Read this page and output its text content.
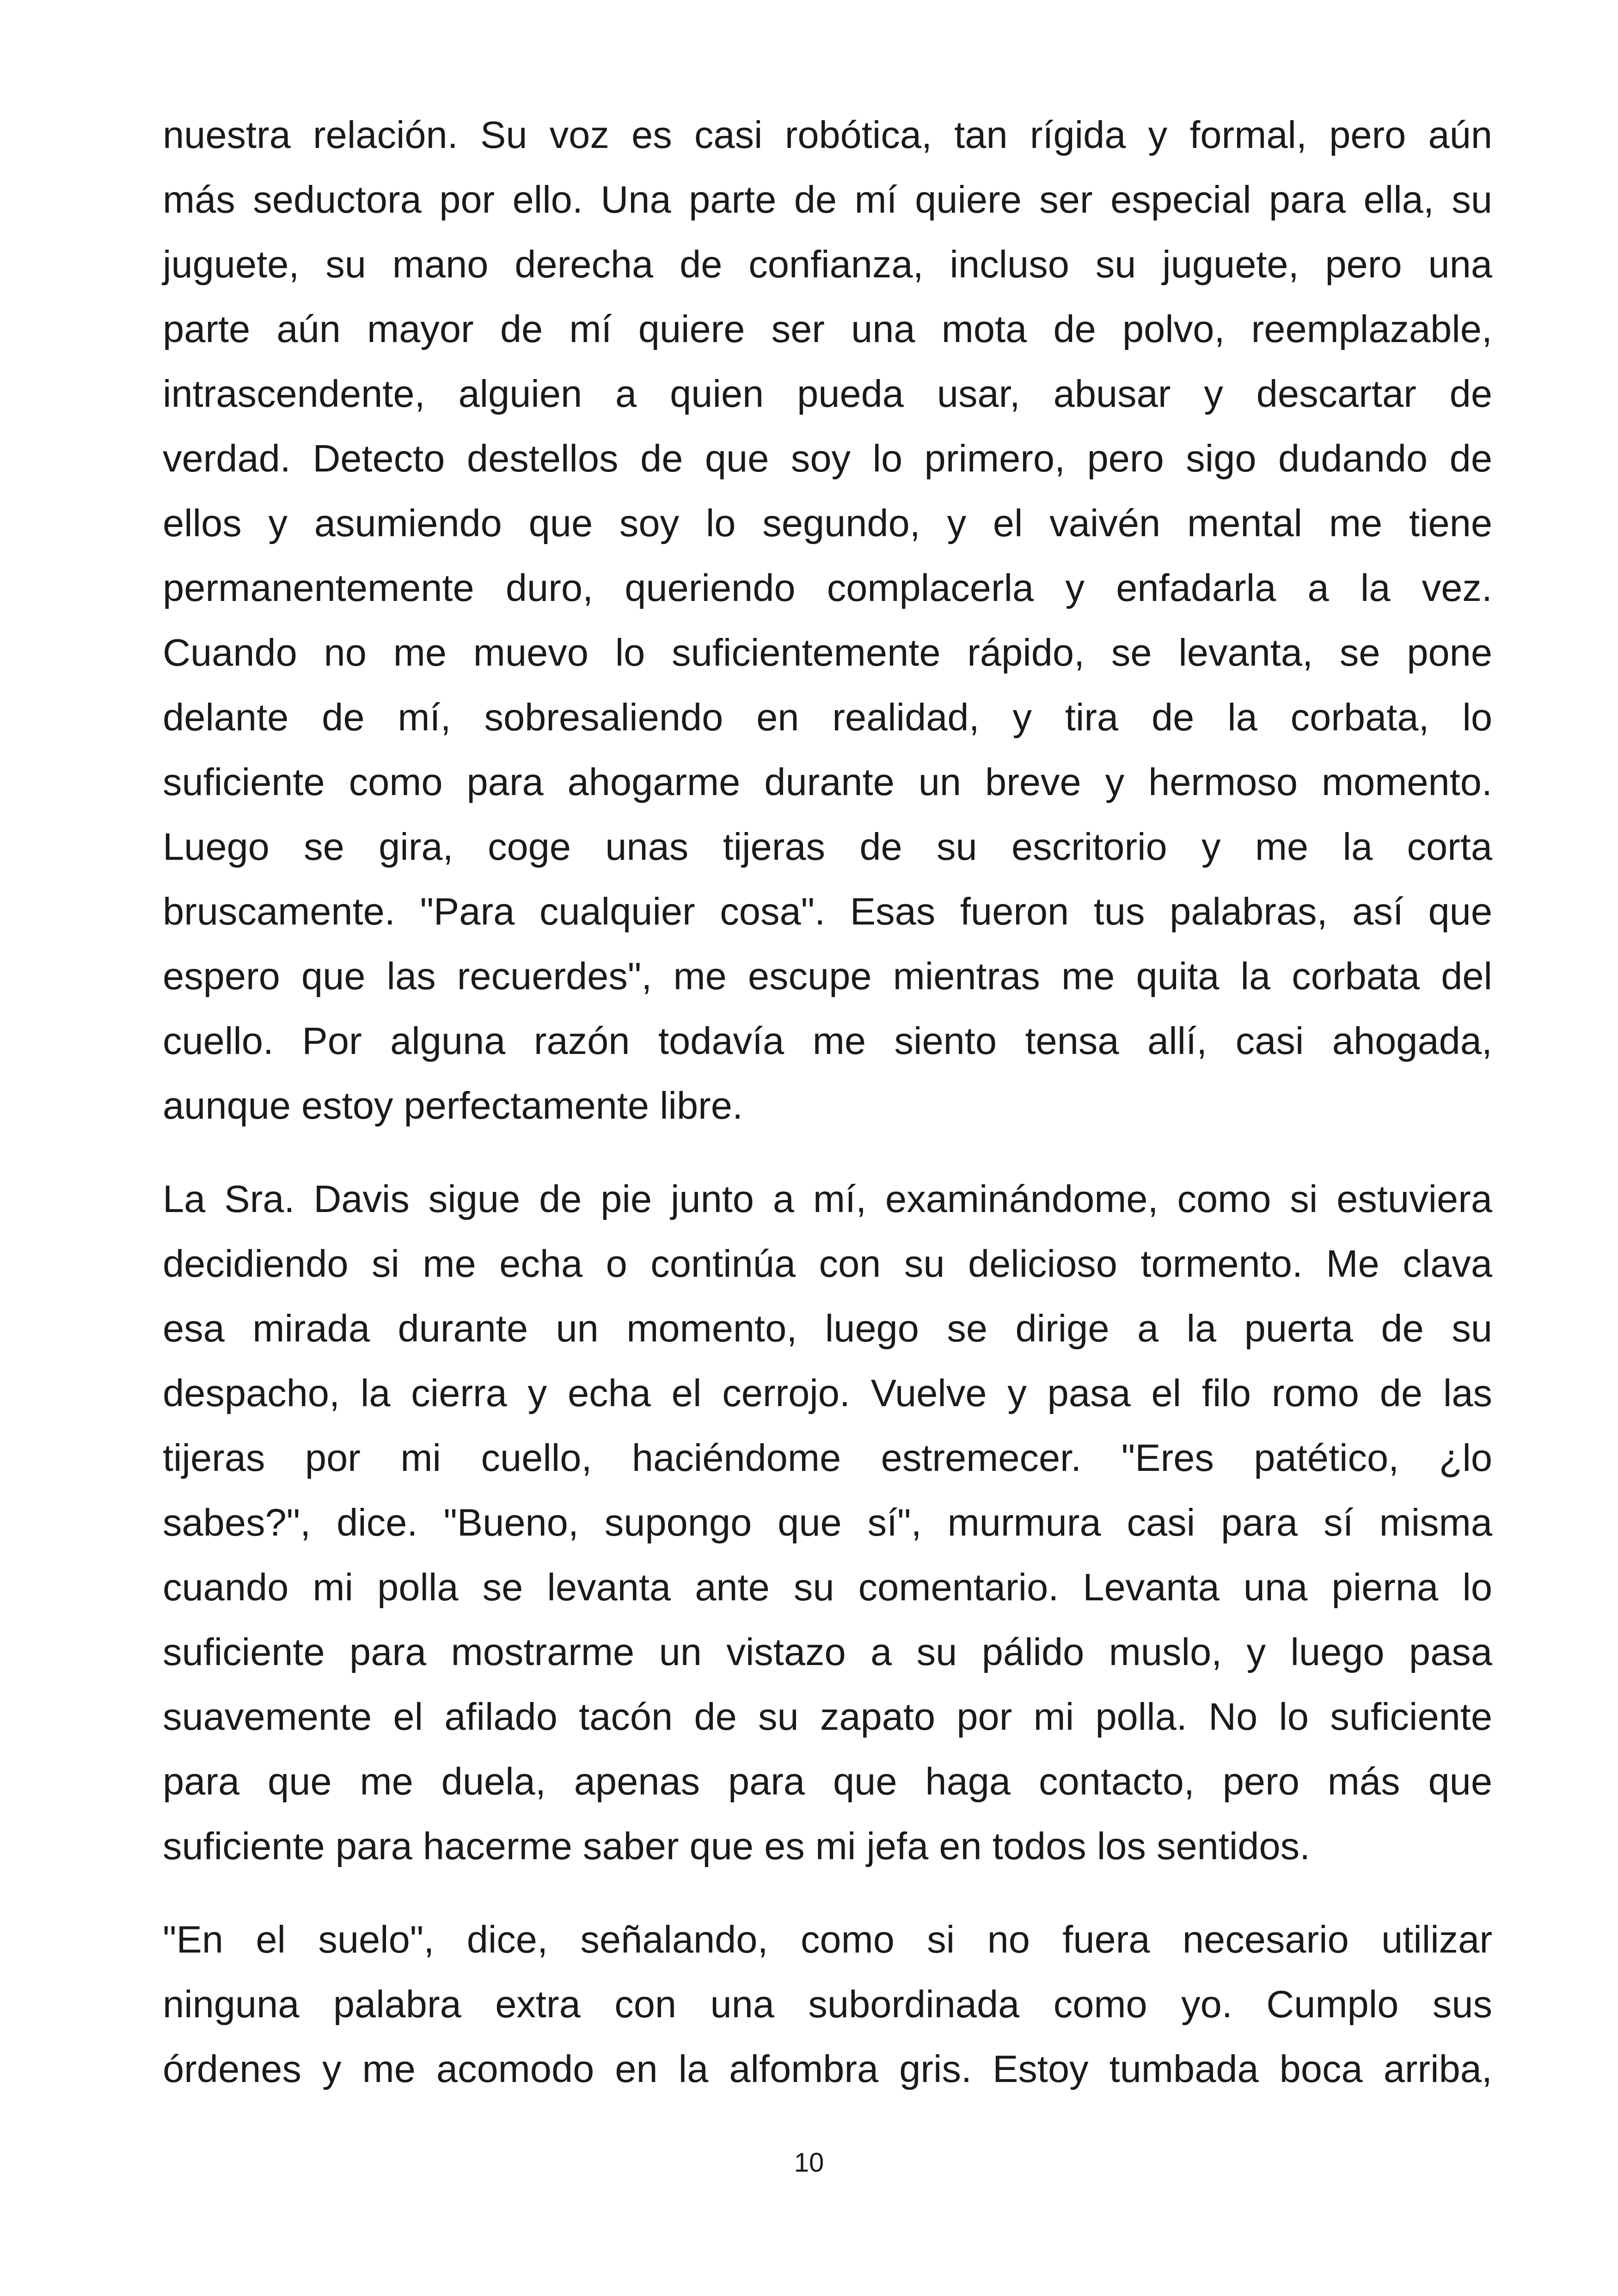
nuestra relación. Su voz es casi robótica, tan rígida y formal, pero aún
más seductora por ello. Una parte de mí quiere ser especial para ella, su
juguete, su mano derecha de confianza, incluso su juguete, pero una
parte aún mayor de mí quiere ser una mota de polvo, reemplazable,
intrascendente, alguien a quien pueda usar, abusar y descartar de
verdad. Detecto destellos de que soy lo primero, pero sigo dudando de
ellos y asumiendo que soy lo segundo, y el vaivén mental me tiene
permanentemente duro, queriendo complacerla y enfadarla a la vez.
Cuando no me muevo lo suficientemente rápido, se levanta, se pone
delante de mí, sobresaliendo en realidad, y tira de la corbata, lo
suficiente como para ahogarme durante un breve y hermoso momento.
Luego se gira, coge unas tijeras de su escritorio y me la corta
bruscamente. "Para cualquier cosa". Esas fueron tus palabras, así que
espero que las recuerdes", me escupe mientras me quita la corbata del
cuello. Por alguna razón todavía me siento tensa allí, casi ahogada,
aunque estoy perfectamente libre.
La Sra. Davis sigue de pie junto a mí, examinándome, como si estuviera
decidiendo si me echa o continúa con su delicioso tormento. Me clava
esa mirada durante un momento, luego se dirige a la puerta de su
despacho, la cierra y echa el cerrojo. Vuelve y pasa el filo romo de las
tijeras por mi cuello, haciéndome estremecer. "Eres patético, ¿lo
sabes?", dice. "Bueno, supongo que sí", murmura casi para sí misma
cuando mi polla se levanta ante su comentario. Levanta una pierna lo
suficiente para mostrarme un vistazo a su pálido muslo, y luego pasa
suavemente el afilado tacón de su zapato por mi polla. No lo suficiente
para que me duela, apenas para que haga contacto, pero más que
suficiente para hacerme saber que es mi jefa en todos los sentidos.
"En el suelo", dice, señalando, como si no fuera necesario utilizar
ninguna palabra extra con una subordinada como yo. Cumplo sus
órdenes y me acomodo en la alfombra gris. Estoy tumbada boca arriba,
10
